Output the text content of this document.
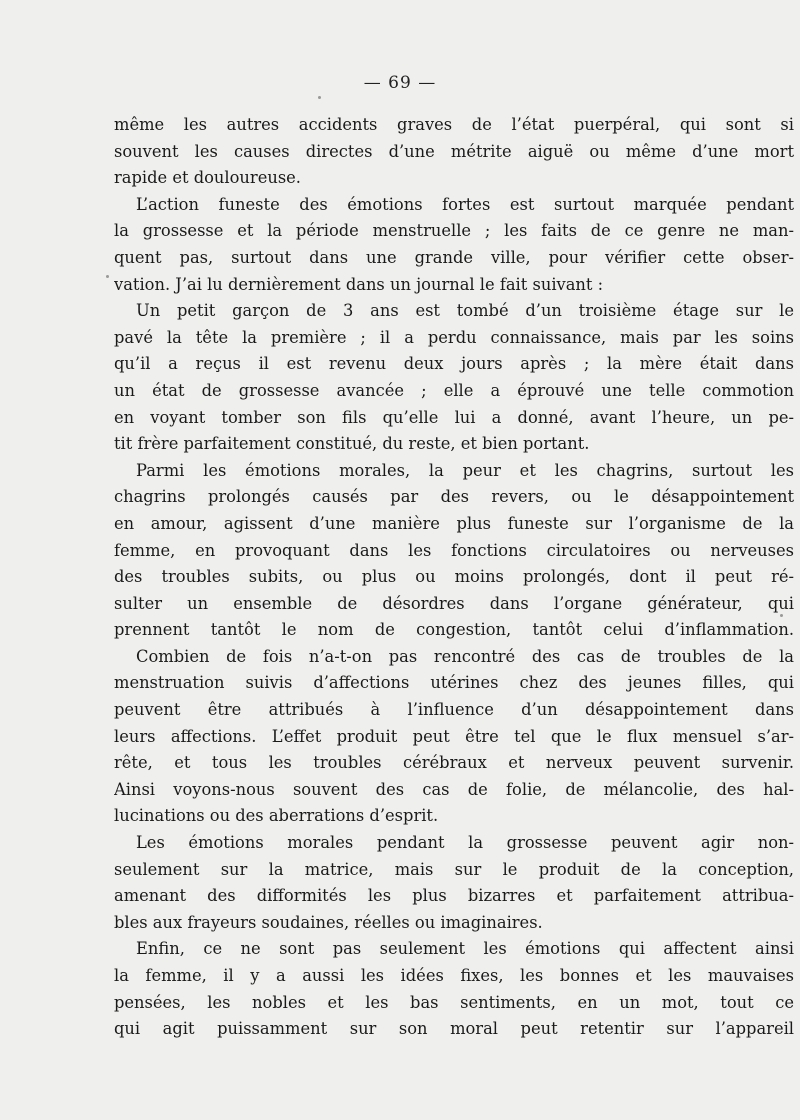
— 69 —
même les autres accidents graves de l’état puerpéral, qui sont si
souvent les causes directes d’une métrite aiguë ou même d’une mort
rapide et douloureuse.
L’action funeste des émotions fortes est surtout marquée pendant
la grossesse et la période menstruelle ; les faits de ce genre ne man-
quent pas, surtout dans une grande ville, pour vérifier cette obser-
vation. J’ai lu dernièrement dans un journal le fait suivant :
Un petit garçon de 3 ans est tombé d’un troisième étage sur le
pavé la tête la première ; il a perdu connaissance, mais par les soins
qu’il a reçus il est revenu deux jours après ; la mère était dans
un état de grossesse avancée ; elle a éprouvé une telle commotion
en voyant tomber son fils qu’elle lui a donné, avant l’heure, un pe-
tit frère parfaitement constitué, du reste, et bien portant.
Parmi les émotions morales, la peur et les chagrins, surtout les
chagrins prolongés causés par des revers, ou le désappointement
en amour, agissent d’une manière plus funeste sur l’organisme de la
femme, en provoquant dans les fonctions circulatoires ou nerveuses
des troubles subits, ou plus ou moins prolongés, dont il peut ré-
sulter un ensemble de désordres dans l’organe générateur, qui
prennent tantôt le nom de congestion, tantôt celui d’inflammation.
Combien de fois n’a-t-on pas rencontré des cas de troubles de la
menstruation suivis d’affections utérines chez des jeunes filles, qui
peuvent être attribués à l’influence d’un désappointement dans
leurs affections. L’effet produit peut être tel que le flux mensuel s’ar-
rête, et tous les troubles cérébraux et nerveux peuvent survenir.
Ainsi voyons-nous souvent des cas de folie, de mélancolie, des hal-
lucinations ou des aberrations d’esprit.
Les émotions morales pendant la grossesse peuvent agir non-
seulement sur la matrice, mais sur le produit de la conception,
amenant des difformités les plus bizarres et parfaitement attribua-
bles aux frayeurs soudaines, réelles ou imaginaires.
Enfin, ce ne sont pas seulement les émotions qui affectent ainsi
la femme, il y a aussi les idées fixes, les bonnes et les mauvaises
pensées, les nobles et les bas sentiments, en un mot, tout ce
qui agit puissamment sur son moral peut retentir sur l’appareil
